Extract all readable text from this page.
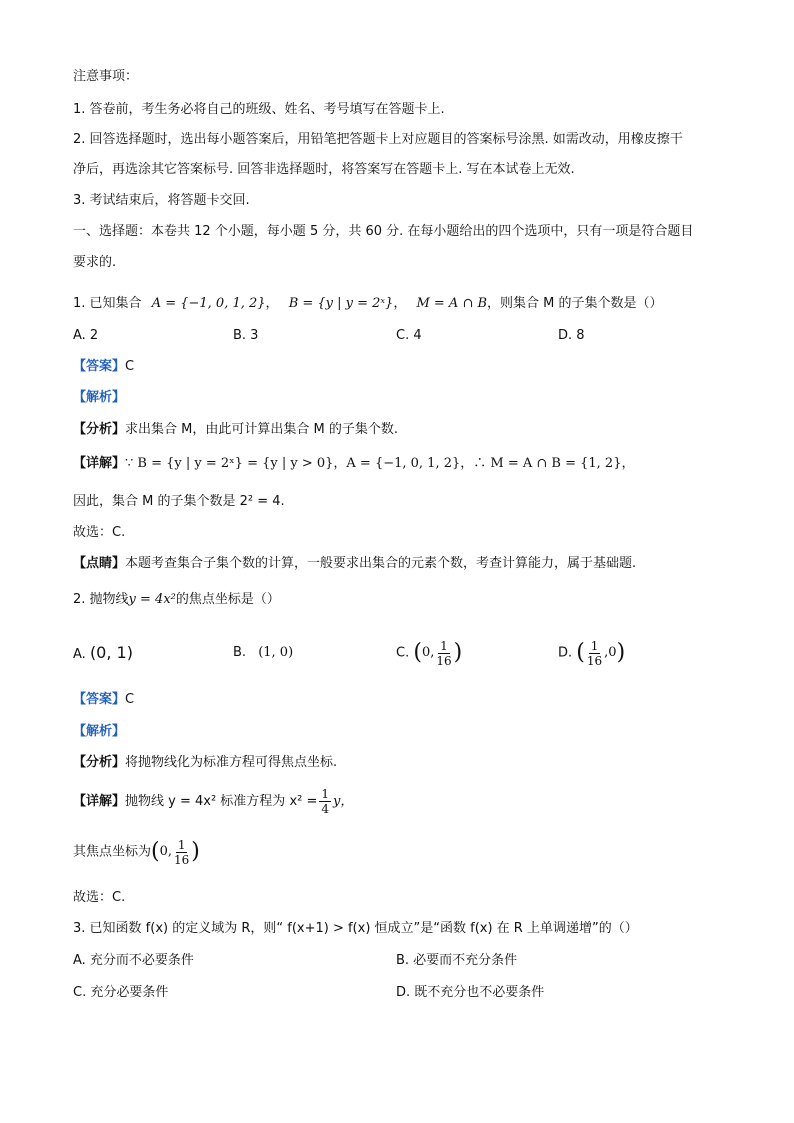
注意事项：
1. 答卷前，考生务必将自己的班级、姓名、考号填写在答题卡上.
2. 回答选择题时，选出每小题答案后，用铅笔把答题卡上对应题目的答案标号涂黑. 如需改动，用橡皮擦干
净后，再选涂其它答案标号. 回答非选择题时，将答案写在答题卡上. 写在本试卷上无效.
3. 考试结束后，将答题卡交回.
一、选择题：本卷共 12 个小题，每小题 5 分，共 60 分. 在每小题给出的四个选项中，只有一项是符合题目
要求的.
1. 已知集合 A = {−1, 0, 1, 2}， B = {y | y = 2ˣ}， M = A ∩ B，则集合 M 的子集个数是（）
A. 2	B. 3	C. 4	D. 8
【答案】C
【解析】
【分析】求出集合 M，由此可计算出集合 M 的子集个数.
【详解】∵ B = {y | y = 2ˣ} = {y | y > 0}，A = {−1, 0, 1, 2}，∴ M = A ∩ B = {1, 2}，
因此，集合 M 的子集个数是 2² = 4.
故选：C.
【点睛】本题考查集合子集个数的计算，一般要求出集合的元素个数，考查计算能力，属于基础题.
2. 抛物线y = 4x²的焦点坐标是（）
A. (0, 1)	B. (1, 0)	C. (0, $\frac{1}{16}$ )	D. ( $\frac{1}{16} ,0$)
【答案】C
【解析】
【分析】将抛物线化为标准方程可得焦点坐标.
【详解】抛物线 y = 4x² 标准方程为 $x^2 = \frac{1}{4}$ y，
其焦点坐标为(0, $\frac{1}{16}$ )
故选：C.
3. 已知函数 f(x) 的定义域为 R，则“ f(x+1) > f(x) 恒成立”是“函数 f(x) 在 R 上单调递增”的（）
A. 充分而不必要条件	B. 必要而不充分条件
C. 充分必要条件	D. 既不充分也不必要条件
